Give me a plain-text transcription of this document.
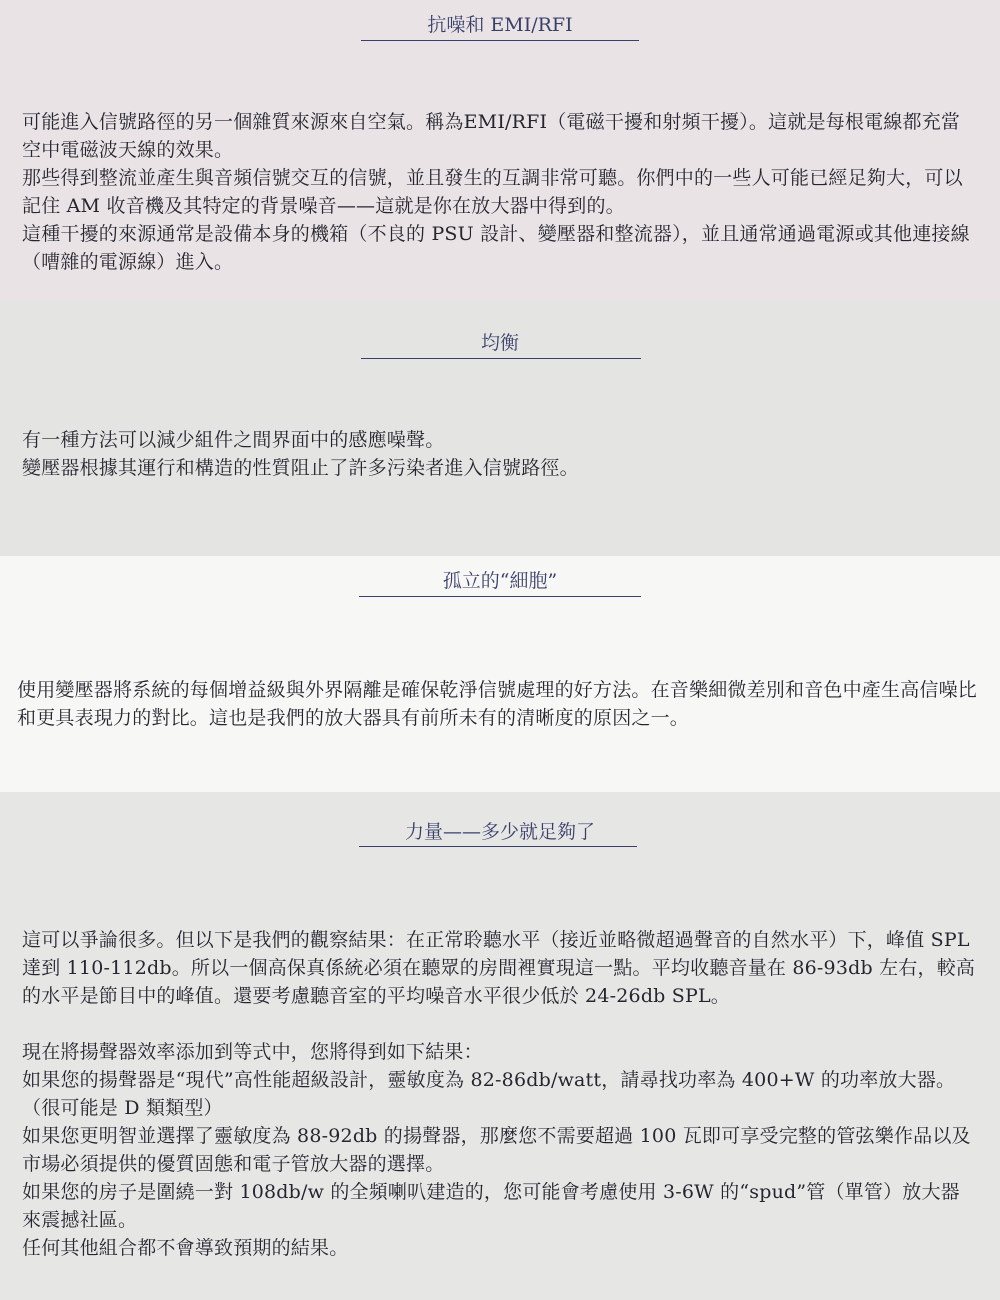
抗噪和 EMI/RFI

可能進入信號路徑的另一個雜質來源來自空氣。稱為EMI/RFI（電磁干擾和射頻干擾）。這就是每根電線都充當空中電磁波天線的效果。

那些得到整流並產生與音頻信號交互的信號，並且發生的互調非常可聽。你們中的一些人可能已經足夠大，可以記住 AM 收音機及其特定的背景噪音——這就是你在放大器中得到的。

這種干擾的來源通常是設備本身的機箱（不良的 PSU 設計、變壓器和整流器），並且通常通過電源或其他連接線（嘈雜的電源線）進入。

均衡

有一種方法可以減少組件之間界面中的感應噪聲。

變壓器根據其運行和構造的性質阻止了許多污染者進入信號路徑。

孤立的“細胞”

使用變壓器將系統的每個增益級與外界隔離是確保乾淨信號處理的好方法。在音樂細微差別和音色中產生高信噪比和更具表現力的對比。這也是我們的放大器具有前所未有的清晰度的原因之一。

力量——多少就足夠了

這可以爭論很多。但以下是我們的觀察結果：在正常聆聽水平（接近並略微超過聲音的自然水平）下，峰值 SPL 達到 110-112db。所以一個高保真係統必須在聽眾的房間裡實現這一點。平均收聽音量在 86-93db 左右，較高的水平是節目中的峰值。還要考慮聽音室的平均噪音水平很少低於 24-26db SPL。

現在將揚聲器效率添加到等式中，您將得到如下結果：

如果您的揚聲器是“現代”高性能超級設計，靈敏度為 82-86db/watt，請尋找功率為 400+W 的功率放大器。（很可能是 D 類類型）

如果您更明智並選擇了靈敏度為 88-92db 的揚聲器，那麼您不需要超過 100 瓦即可享受完整的管弦樂作品以及市場必須提供的優質固態和電子管放大器的選擇。

如果您的房子是圍繞一對 108db/w 的全頻喇叭建造的，您可能會考慮使用 3-6W 的“spud”管（單管）放大器來震撼社區。

任何其他組合都不會導致預期的結果。
